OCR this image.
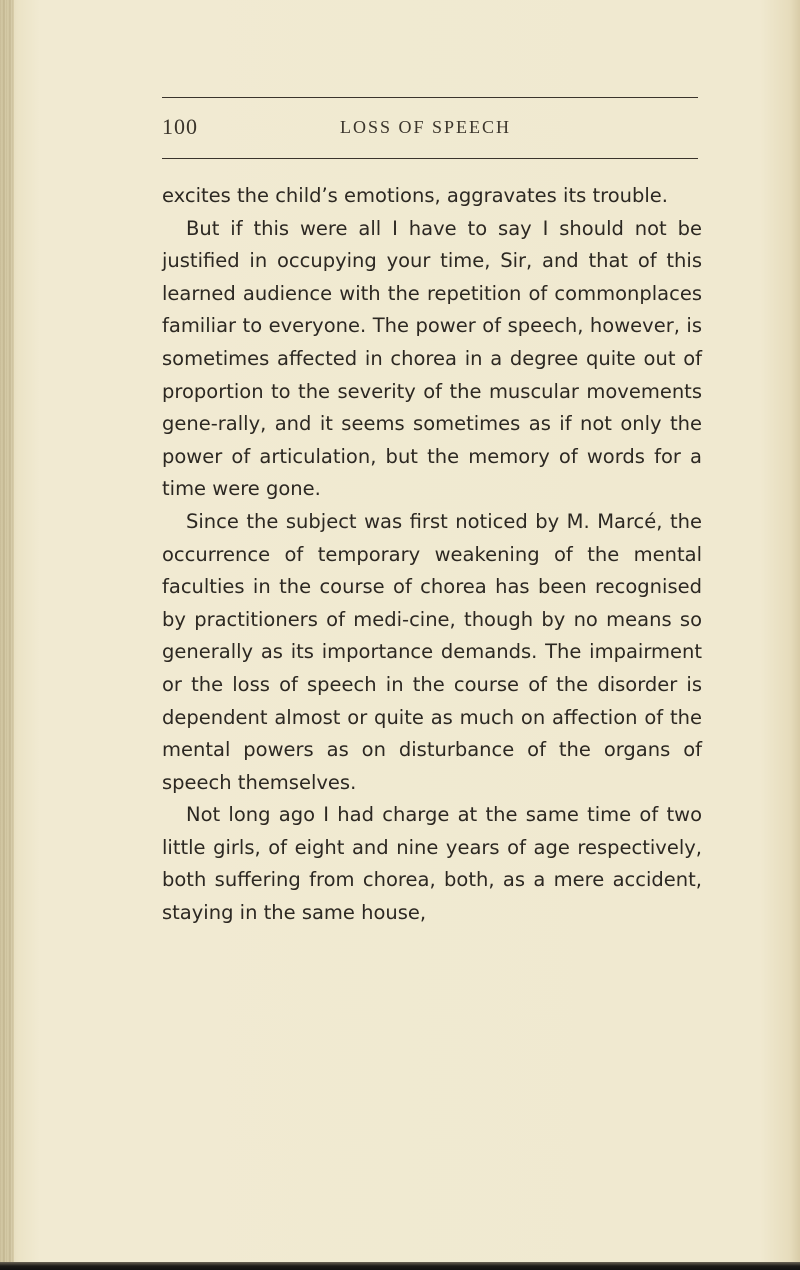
100	LOSS OF SPEECH

excites the child’s emotions, aggravates its trouble.

But if this were all I have to say I should not be justified in occupying your time, Sir, and that of this learned audience with the repetition of commonplaces familiar to everyone. The power of speech, however, is sometimes affected in chorea in a degree quite out of proportion to the severity of the muscular movements gene-rally, and it seems sometimes as if not only the power of articulation, but the memory of words for a time were gone.

Since the subject was first noticed by M. Marcé, the occurrence of temporary weakening of the mental faculties in the course of chorea has been recognised by practitioners of medi-cine, though by no means so generally as its importance demands. The impairment or the loss of speech in the course of the disorder is dependent almost or quite as much on affection of the mental powers as on disturbance of the organs of speech themselves.

Not long ago I had charge at the same time of two little girls, of eight and nine years of age respectively, both suffering from chorea, both, as a mere accident, staying in the same house,
